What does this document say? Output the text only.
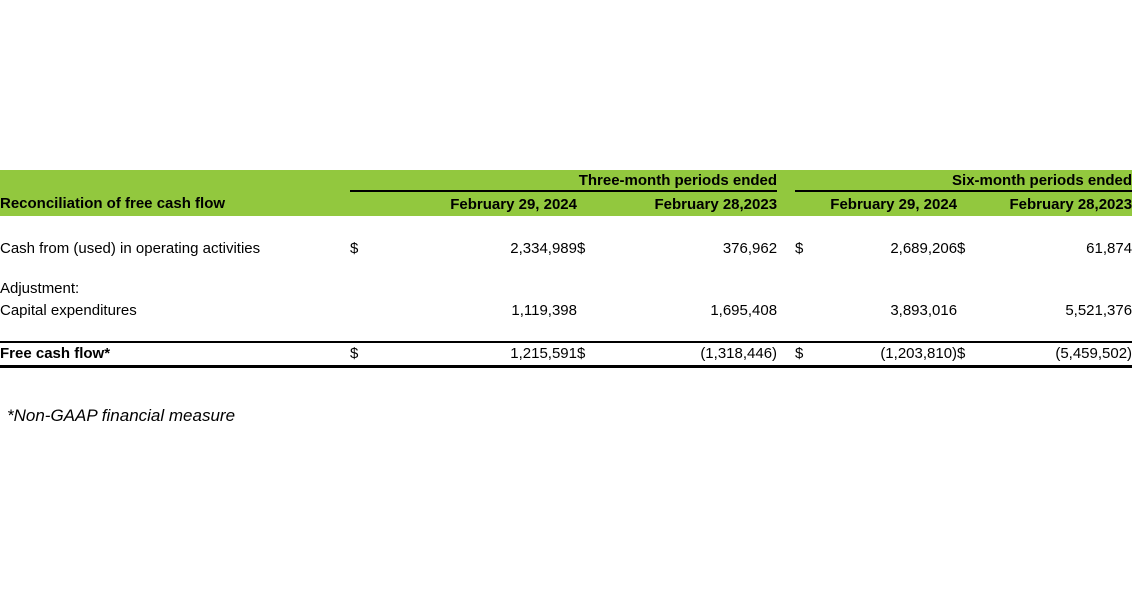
	Three-month periods ended					Six-month periods ended			
Reconciliation of free cash flow	February 29, 2024		February 28,2023			February 29, 2024		February 28,2023	

Cash from (used) in operating activities	$	2,334,989	$	376,962		$	2,689,206	$	61,874

Adjustment:									
Capital expenditures		1,119,398		1,695,408			3,893,016		5,521,376

Free cash flow*	$	1,215,591	$	(1,318,446)		$	(1,203,810)	$	(5,459,502)
*Non-GAAP financial measure
